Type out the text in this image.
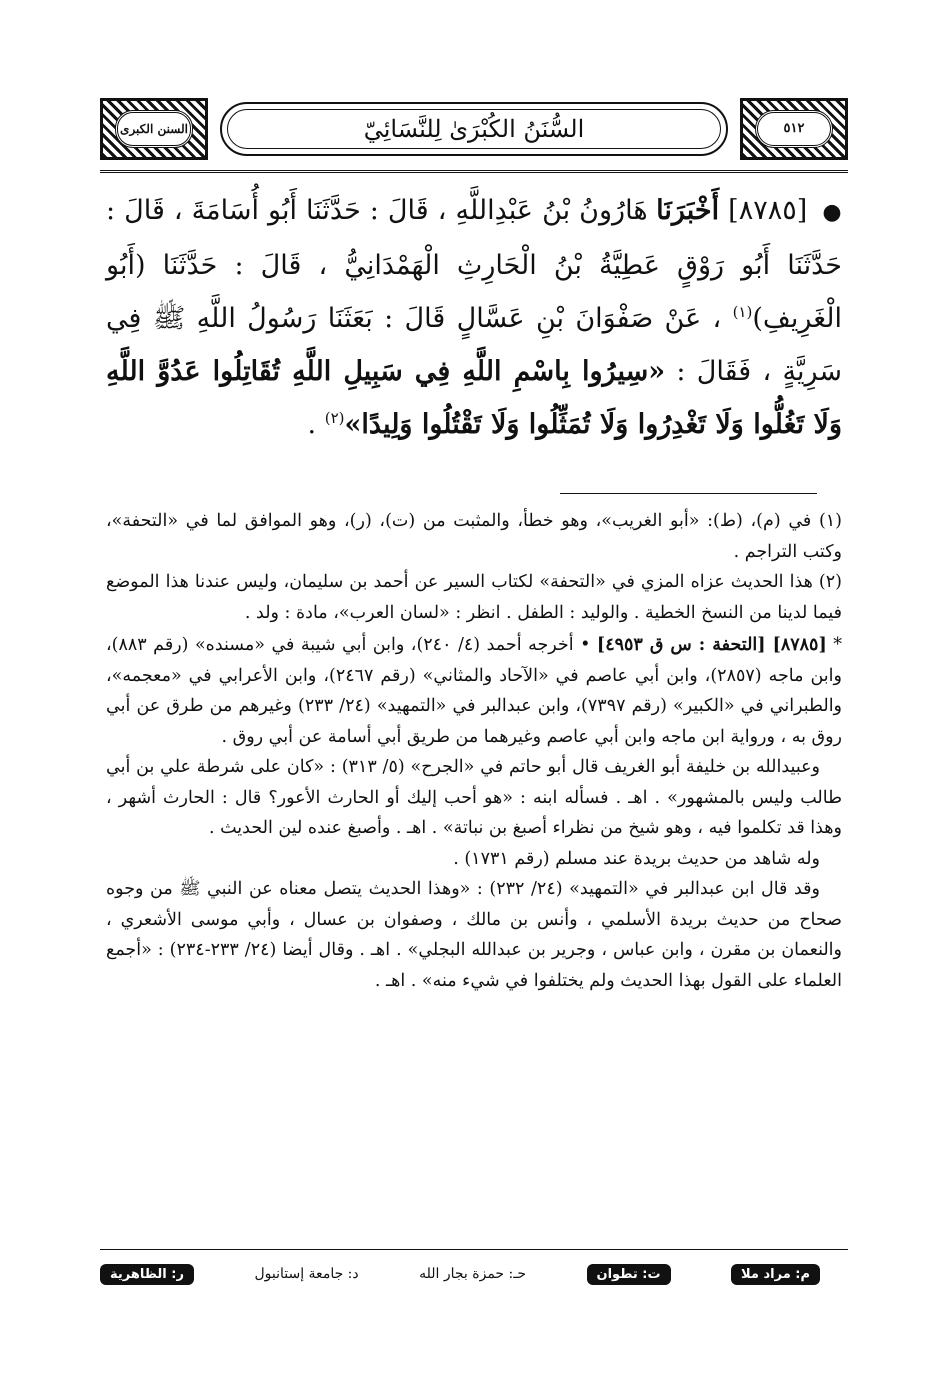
٥١٢
السُّنَنُ الكُبْرَىٰ لِلنَّسَائِيّ
السنن الكبرى
● [٨٧٨٥] أَخْبَرَنَا هَارُونُ بْنُ عَبْدِاللَّهِ ، قَالَ : حَدَّثَنَا أَبُو أُسَامَةَ ، قَالَ : حَدَّثَنَا أَبُو رَوْقٍ عَطِيَّةُ بْنُ الْحَارِثِ الْهَمْدَانِيُّ ، قَالَ : حَدَّثَنَا (أَبُو الْغَرِيفِ)$^{(١)}$ ، عَنْ صَفْوَانَ بْنِ عَسَّالٍ قَالَ : بَعَثَنَا رَسُولُ اللَّهِ ﷺ فِي سَرِيَّةٍ ، فَقَالَ : «سِيرُوا بِاسْمِ اللَّهِ فِي سَبِيلِ اللَّهِ تُقَاتِلُوا عَدُوَّ اللَّهِ وَلَا تَغُلُّوا وَلَا تَغْدِرُوا وَلَا تُمَثِّلُوا وَلَا تَقْتُلُوا وَلِيدًا»$^{(٢)}$ .

(١) في (م)، (ط): «أبو الغريب»، وهو خطأ، والمثبت من (ت)، (ر)، وهو الموافق لما في «التحفة»، وكتب التراجم .

(٢) هذا الحديث عزاه المزي في «التحفة» لكتاب السير عن أحمد بن سليمان، وليس عندنا هذا الموضع فيما لدينا من النسخ الخطية . والوليد : الطفل . انظر : «لسان العرب»، مادة : ولد .

* [٨٧٨٥] [التحفة : س ق ٤٩٥٣] • أخرجه أحمد (٤/ ٢٤٠)، وابن أبي شيبة في «مسنده» (رقم ٨٨٣)، وابن ماجه (٢٨٥٧)، وابن أبي عاصم في «الآحاد والمثاني» (رقم ٢٤٦٧)، وابن الأعرابي في «معجمه»، والطبراني في «الكبير» (رقم ٧٣٩٧)، وابن عبدالبر في «التمهيد» (٢٤/ ٢٣٣) وغيرهم من طرق عن أبي روق به ، ورواية ابن ماجه وابن أبي عاصم وغيرهما من طريق أبي أسامة عن أبي روق .

وعبيدالله بن خليفة أبو الغريف قال أبو حاتم في «الجرح» (٥/ ٣١٣) : «كان على شرطة علي بن أبي طالب وليس بالمشهور» . اهـ . فسأله ابنه : «هو أحب إليك أو الحارث الأعور؟ قال : الحارث أشهر ، وهذا قد تكلموا فيه ، وهو شيخ من نظراء أصبغ بن نباتة» . اهـ . وأصبغ عنده لين الحديث .

وله شاهد من حديث بريدة عند مسلم (رقم ١٧٣١) .

وقد قال ابن عبدالبر في «التمهيد» (٢٤/ ٢٣٢) : «وهذا الحديث يتصل معناه عن النبي ﷺ من وجوه صحاح من حديث بريدة الأسلمي ، وأنس بن مالك ، وصفوان بن عسال ، وأبي موسى الأشعري ، والنعمان بن مقرن ، وابن عباس ، وجرير بن عبدالله البجلي» . اهـ . وقال أيضا (٢٤/ ٢٣٣-٢٣٤) : «أجمع العلماء على القول بهذا الحديث ولم يختلفوا في شيء منه» . اهـ .

م: مراد ملا
ت: تطوان
حـ: حمزة بجار الله
د: جامعة إستانبول
ر: الظاهرية
